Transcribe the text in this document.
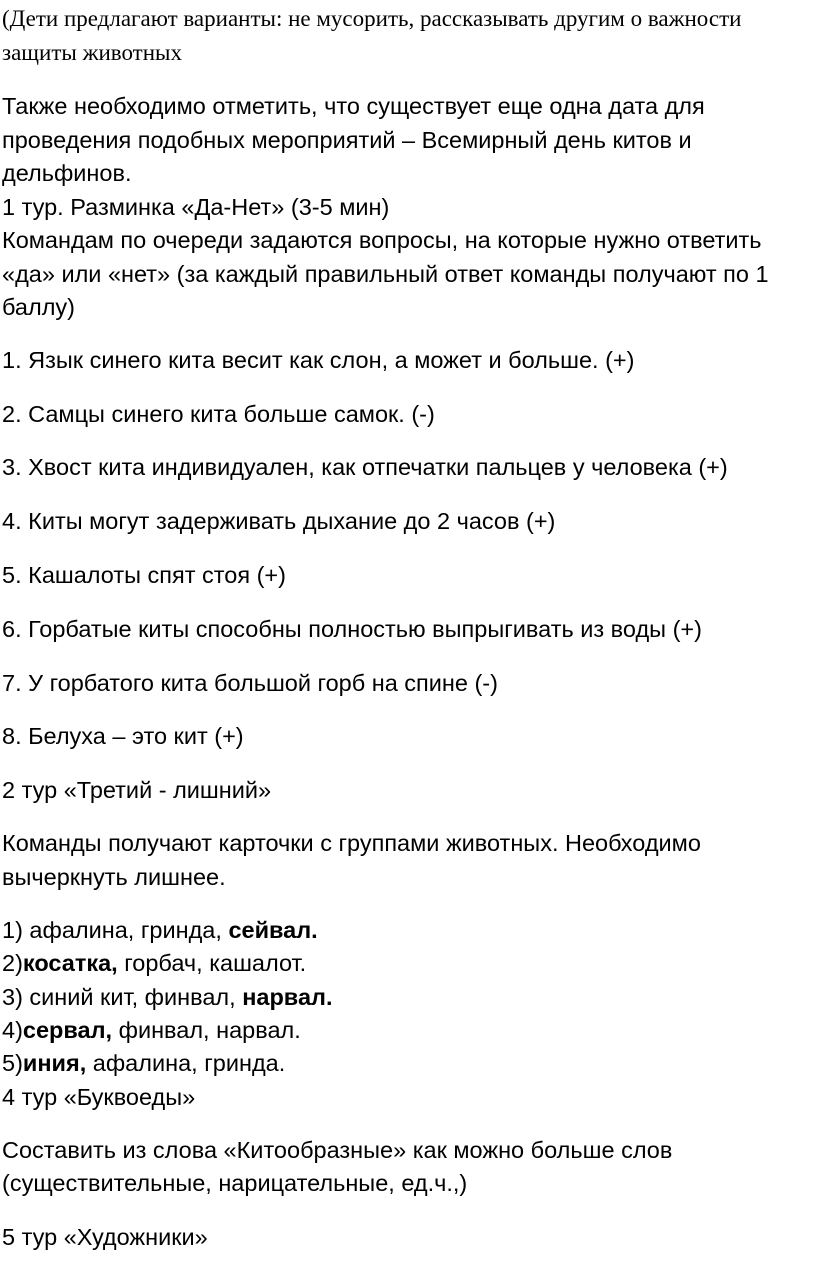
(Дети предлагают варианты: не мусорить, рассказывать другим о важности
защиты животных
Также необходимо отметить, что существует еще одна дата для
проведения подобных мероприятий – Всемирный день китов и
дельфинов.
1 тур. Разминка «Да-Нет» (3-5 мин)
Командам по очереди задаются вопросы, на которые нужно ответить
«да» или «нет» (за каждый правильный ответ команды получают по 1
баллу)
1. Язык синего кита весит как слон, а может и больше. (+)
2. Самцы синего кита больше самок. (-)
3. Хвост кита индивидуален, как отпечатки пальцев у человека (+)
4. Киты могут задерживать дыхание до 2 часов (+)
5. Кашалоты спят стоя (+)
6. Горбатые киты способны полностью выпрыгивать из воды (+)
7. У горбатого кита большой горб на спине (-)
8. Белуха – это кит (+)
2 тур «Третий - лишний»
Команды получают карточки с группами животных. Необходимо
вычеркнуть лишнее.
1) афалина, гринда, сейвал.
2)косатка, горбач, кашалот.
3) синий кит, финвал, нарвал.
4)сервал, финвал, нарвал.
5)иния, афалина, гринда.
4 тур «Буквоеды»
Составить из слова «Китообразные» как можно больше слов
(существительные, нарицательные, ед.ч.,)
5 тур «Художники»
